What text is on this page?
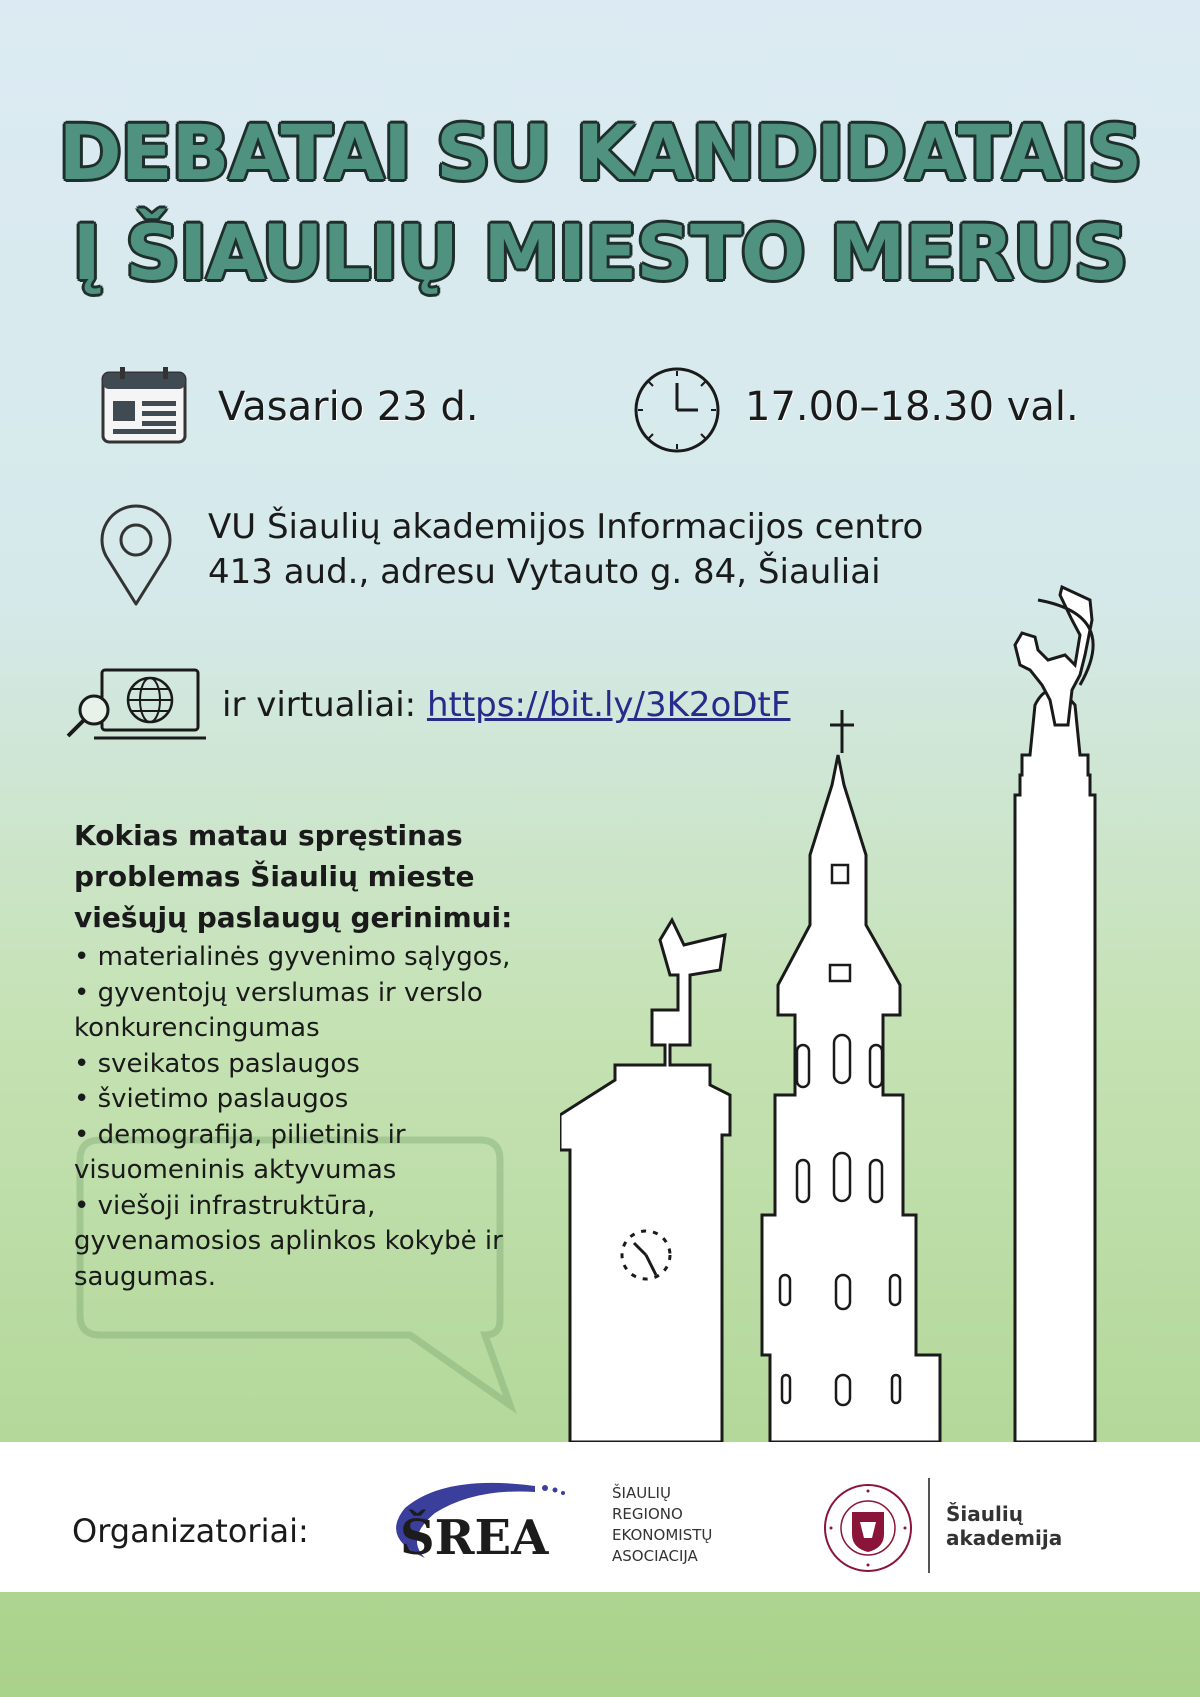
DEBATAI SU KANDIDATAIS
Į ŠIAULIŲ MIESTO MERUS
Vasario 23 d.	17.00–18.30 val.
VU Šiaulių akademijos Informacijos centro
413 aud., adresu Vytauto g. 84, Šiauliai
ir virtualiai: https://bit.ly/3K2oDtF
Kokias matau spręstinas problemas Šiaulių mieste viešųjų paslaugų gerinimui:
• materialinės gyvenimo sąlygos,
• gyventojų verslumas ir verslo konkurencingumas
• sveikatos paslaugos
• švietimo paslaugos
• demografija, pilietinis ir visuomeninis aktyvumas
• viešoji infrastruktūra, gyvenamosios aplinkos kokybė ir saugumas.
Organizatoriai: ŠREA
ŠIAULIŲ
REGIONO
EKONOMISTŲ
ASOCIACIJA
Šiaulių
akademija
